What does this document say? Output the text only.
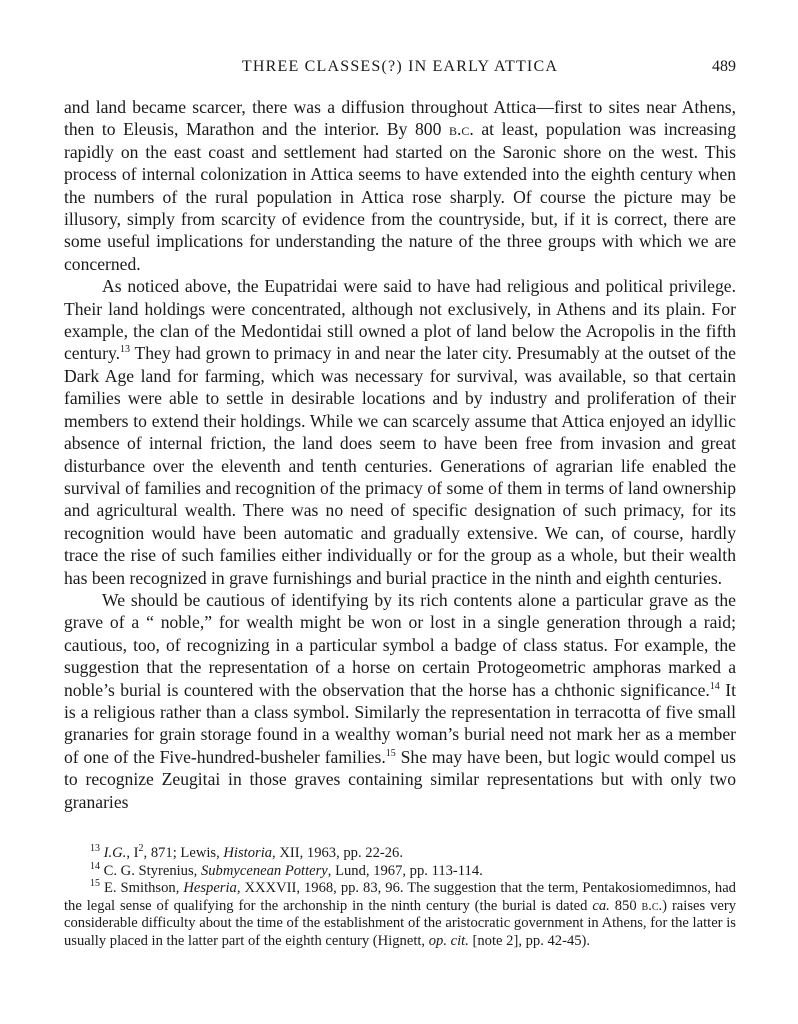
THREE CLASSES(?) IN EARLY ATTICA	489

and land became scarcer, there was a diffusion throughout Attica—first to sites near Athens, then to Eleusis, Marathon and the interior. By 800 b.c. at least, population was increasing rapidly on the east coast and settlement had started on the Saronic shore on the west. This process of internal colonization in Attica seems to have extended into the eighth century when the numbers of the rural population in Attica rose sharply. Of course the picture may be illusory, simply from scarcity of evidence from the countryside, but, if it is correct, there are some useful implications for understanding the nature of the three groups with which we are concerned.

As noticed above, the Eupatridai were said to have had religious and political privilege. Their land holdings were concentrated, although not exclusively, in Athens and its plain. For example, the clan of the Medontidai still owned a plot of land below the Acropolis in the fifth century.$^{13}$ They had grown to primacy in and near the later city. Presumably at the outset of the Dark Age land for farming, which was necessary for survival, was available, so that certain families were able to settle in desirable locations and by industry and proliferation of their members to extend their holdings. While we can scarcely assume that Attica enjoyed an idyllic absence of internal friction, the land does seem to have been free from invasion and great disturbance over the eleventh and tenth centuries. Generations of agrarian life enabled the survival of families and recognition of the primacy of some of them in terms of land ownership and agricultural wealth. There was no need of specific designation of such primacy, for its recognition would have been automatic and gradually extensive. We can, of course, hardly trace the rise of such families either individually or for the group as a whole, but their wealth has been recognized in grave furnishings and burial practice in the ninth and eighth centuries.

We should be cautious of identifying by its rich contents alone a particular grave as the grave of a “ noble,” for wealth might be won or lost in a single generation through a raid; cautious, too, of recognizing in a particular symbol a badge of class status. For example, the suggestion that the representation of a horse on certain Protogeometric amphoras marked a noble’s burial is countered with the observation that the horse has a chthonic significance.$^{14}$ It is a religious rather than a class symbol. Similarly the representation in terracotta of five small granaries for grain storage found in a wealthy woman’s burial need not mark her as a member of one of the Five-hundred-busheler families.$^{15}$ She may have been, but logic would compel us to recognize Zeugitai in those graves containing similar representations but with only two granaries

$^{13}$ I.G., $I^2$, 871; Lewis, Historia, XII, 1963, pp. 22-26.

$^{14}$ C. G. Styrenius, Submycenean Pottery, Lund, 1967, pp. 113-114.

$^{15}$ E. Smithson, Hesperia, XXXVII, 1968, pp. 83, 96. The suggestion that the term, Pentakosiomedimnos, had the legal sense of qualifying for the archonship in the ninth century (the burial is dated ca. 850 b.c.) raises very considerable difficulty about the time of the establishment of the aristocratic government in Athens, for the latter is usually placed in the latter part of the eighth century (Hignett, op. cit. [note 2], pp. 42-45).
